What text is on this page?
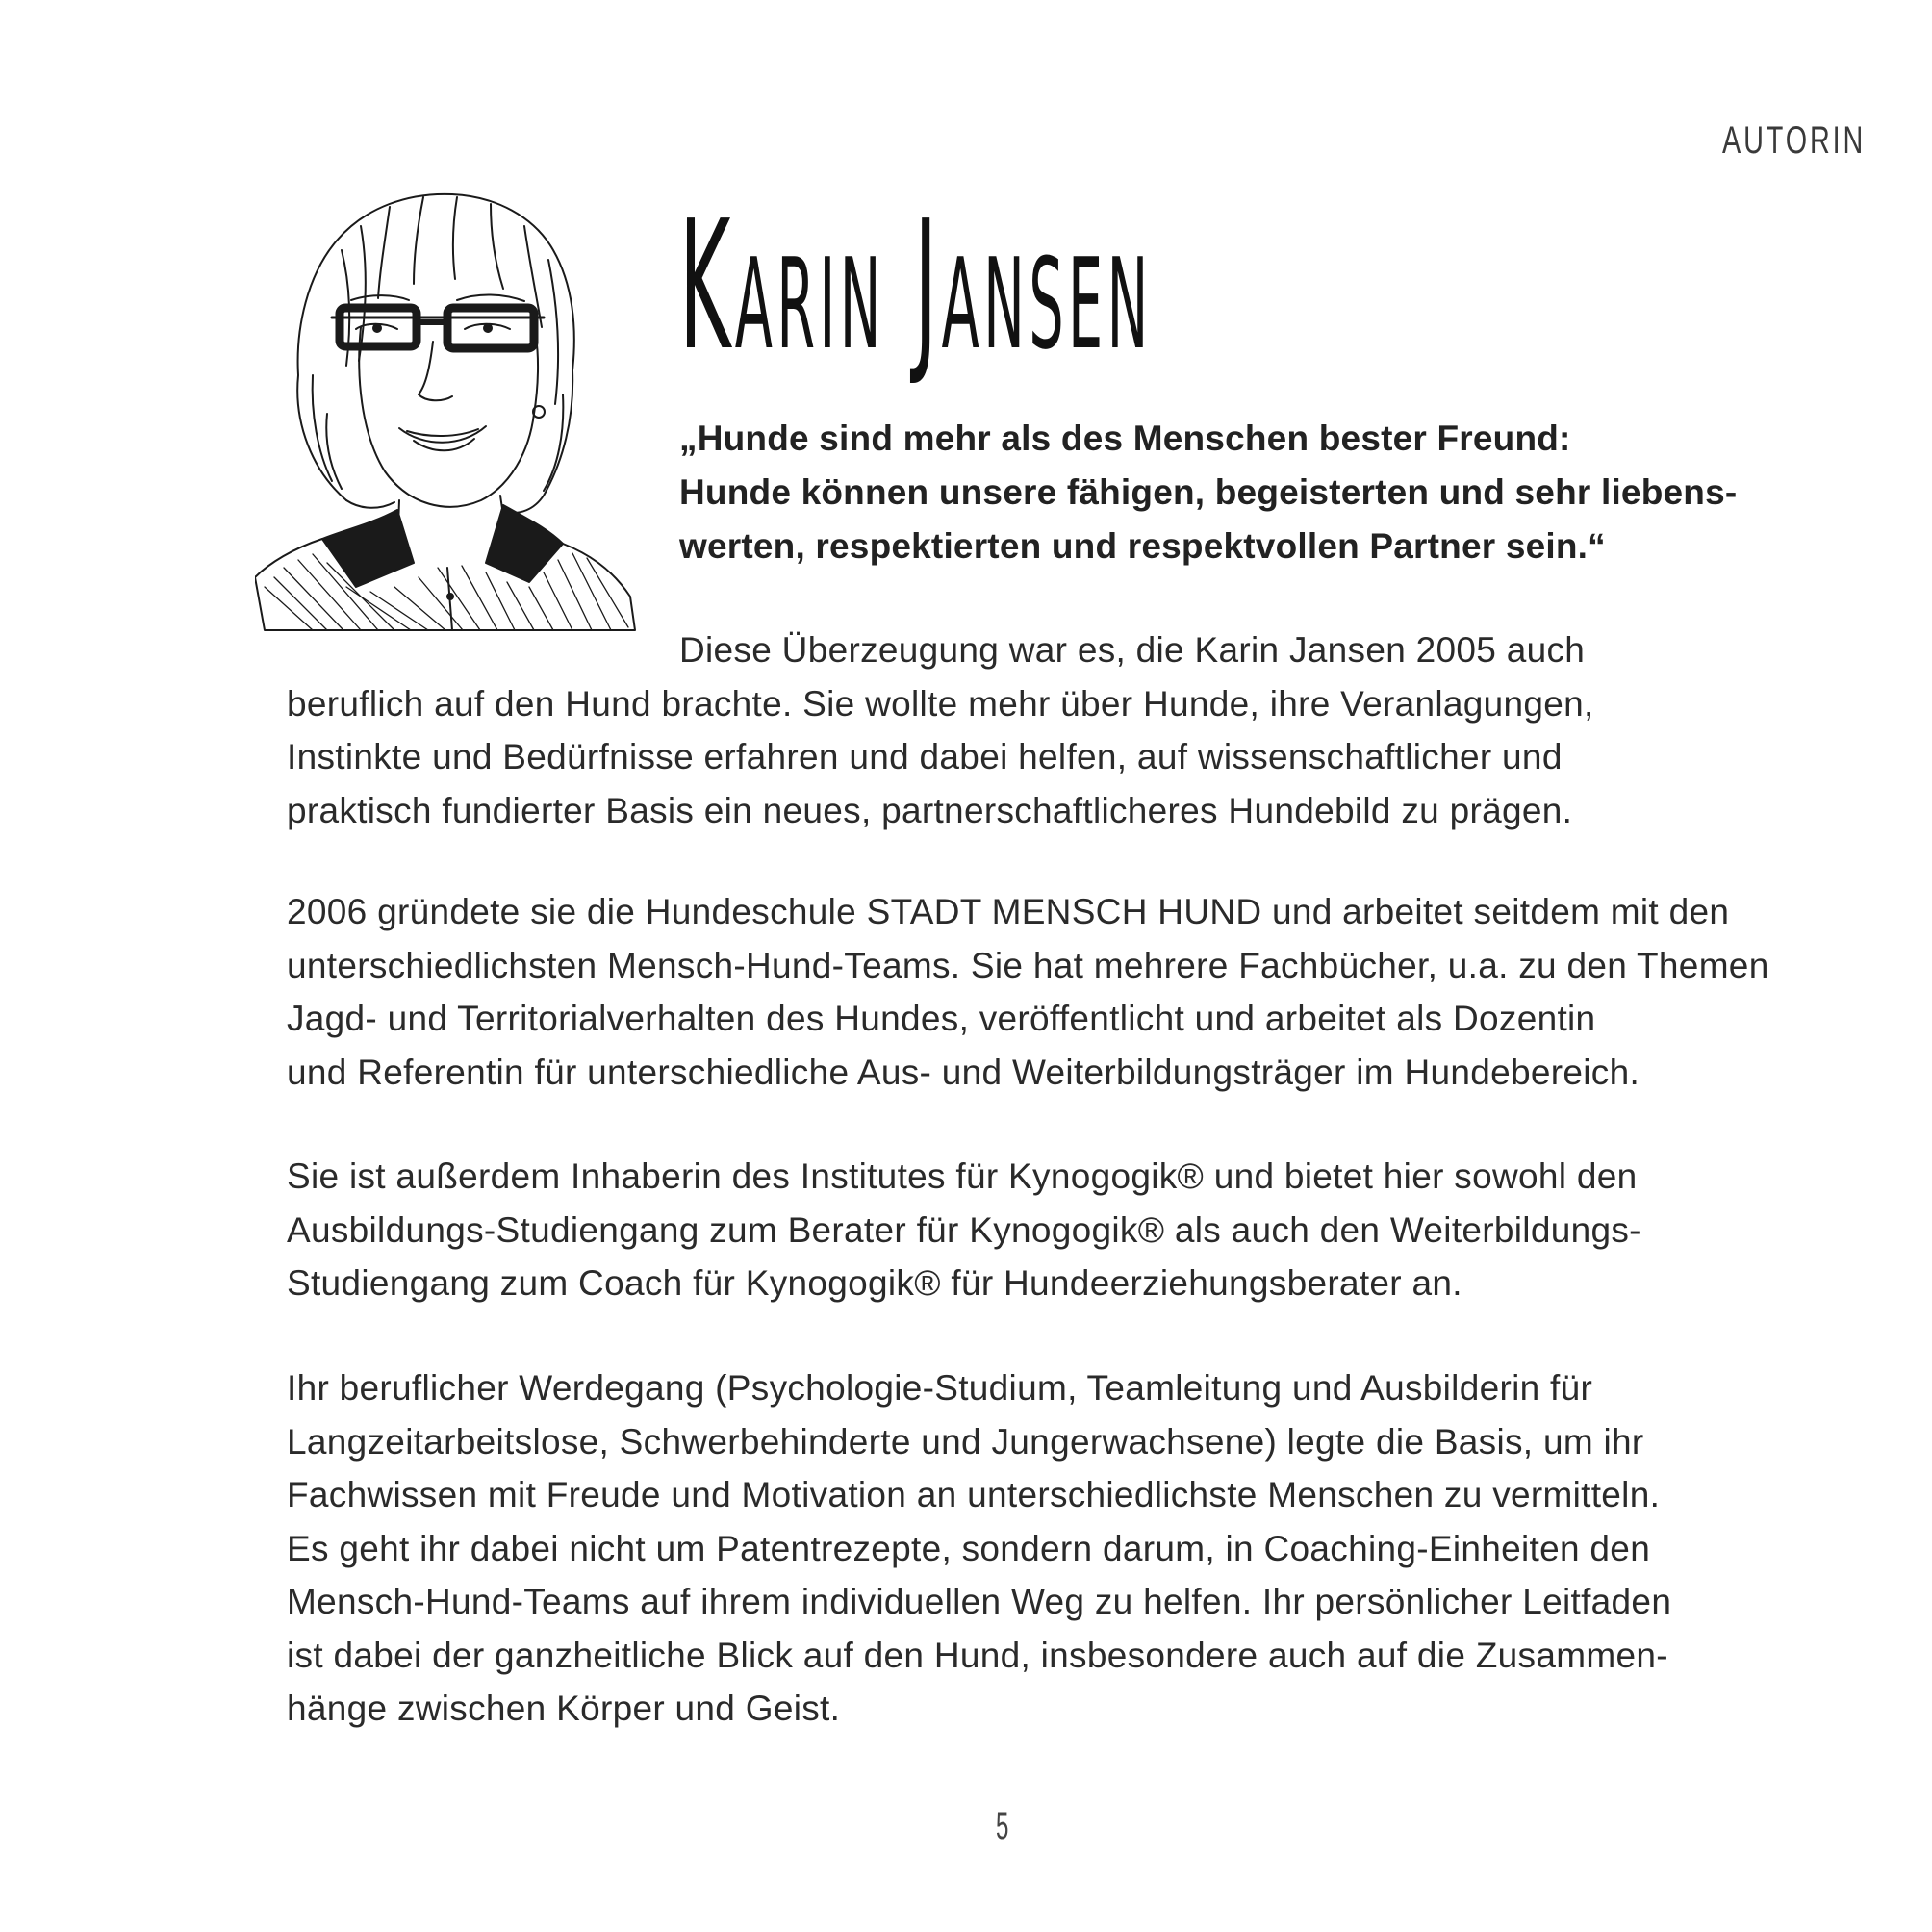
AUTORIN
Karin Jansen
„Hunde sind mehr als des Menschen bester Freund:
Hunde können unsere fähigen, begeisterten und sehr liebens-
werten, respektierten und respektvollen Partner sein.“
Diese Überzeugung war es, die Karin Jansen 2005 auch
beruflich auf den Hund brachte. Sie wollte mehr über Hunde, ihre Veranlagungen,
Instinkte und Bedürfnisse erfahren und dabei helfen, auf wissenschaftlicher und
praktisch fundierter Basis ein neues, partnerschaftlicheres Hundebild zu prägen.
2006 gründete sie die Hundeschule STADT MENSCH HUND und arbeitet seitdem mit den
unterschiedlichsten Mensch-Hund-Teams. Sie hat mehrere Fachbücher, u.a. zu den Themen
Jagd- und Territorialverhalten des Hundes, veröffentlicht und arbeitet als Dozentin
und Referentin für unterschiedliche Aus- und Weiterbildungsträger im Hundebereich.
Sie ist außerdem Inhaberin des Institutes für Kynogogik® und bietet hier sowohl den
Ausbildungs-Studiengang zum Berater für Kynogogik® als auch den Weiterbildungs-
Studiengang zum Coach für Kynogogik® für Hundeerziehungsberater an.
Ihr beruflicher Werdegang (Psychologie-Studium, Teamleitung und Ausbilderin für
Langzeitarbeitslose, Schwerbehinderte und Jungerwachsene) legte die Basis, um ihr
Fachwissen mit Freude und Motivation an unterschiedlichste Menschen zu vermitteln.
Es geht ihr dabei nicht um Patentrezepte, sondern darum, in Coaching-Einheiten den
Mensch-Hund-Teams auf ihrem individuellen Weg zu helfen. Ihr persönlicher Leitfaden
ist dabei der ganzheitliche Blick auf den Hund, insbesondere auch auf die Zusammen-
hänge zwischen Körper und Geist.
5
